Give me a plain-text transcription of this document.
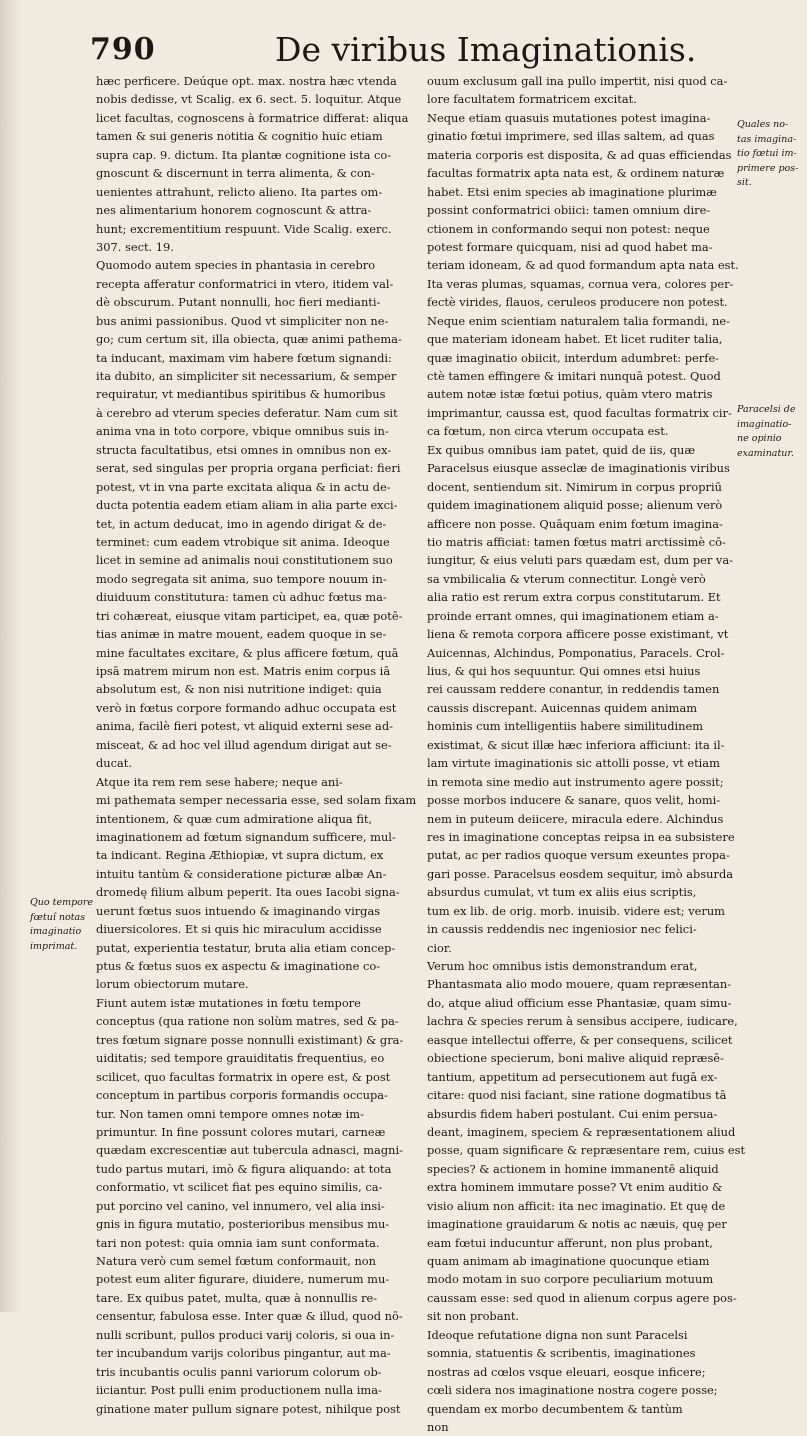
790	De viribus Imaginationis.
hæc perficere. Deúque opt. max. nostra hæc vtenda
nobis dedisse, vt Scalig. ex 6. sect. 5. loquitur. Atque
licet facultas, cognoscens à formatrice differat: aliqua
tamen & sui generis notitia & cognitio huic etiam
supra cap. 9. dictum. Ita plantæ cognitione ista co-
gnoscunt & discernunt in terra alimenta, & con-
uenientes attrahunt, relicto alieno. Ita partes om-
nes alimentarium honorem cognoscunt & attra-
hunt; excrementitium respuunt. Vide Scalig. exerc.
307. sect. 19.
Quomodo autem species in phantasia in cerebro
recepta afferatur conformatrici in vtero, itidem val-
dè obscurum. Putant nonnulli, hoc fieri medianti-
bus animi passionibus. Quod vt simpliciter non ne-
go; cum certum sit, illa obiecta, quæ animi pathema-
ta inducant, maximam vim habere fœtum signandi:
ita dubito, an simpliciter sit necessarium, & semper
requiratur, vt mediantibus spiritibus & humoribus
à cerebro ad vterum species deferatur. Nam cum sit
anima vna in toto corpore, vbique omnibus suis in-
structa facultatibus, etsi omnes in omnibus non ex-
serat, sed singulas per propria organa perficiat: fieri
potest, vt in vna parte excitata aliqua & in actu de-
ducta potentia eadem etiam aliam in alia parte exci-
tet, in actum deducat, imo in agendo dirigat & de-
terminet: cum eadem vtrobique sit anima. Ideoque
licet in semine ad animalis noui constitutionem suo
modo segregata sit anima, suo tempore nouum in-
diuiduum constitutura: tamen cù adhuc fœtus ma-
tri cohæreat, eiusque vitam participet, ea, quæ potē-
tias animæ in matre mouent, eadem quoque in se-
mine facultates excitare, & plus afficere fœtum, quā
ipsā matrem mirum non est. Matris enim corpus iā
absolutum est, & non nisi nutritione indiget: quia
verò in fœtus corpore formando adhuc occupata est
anima, facilè fieri potest, vt aliquid externi sese ad-
misceat, & ad hoc vel illud agendum dirigat aut se-
ducat.
Atque ita rem rem sese habere; neque ani-
mi pathemata semper necessaria esse, sed solam fixam
intentionem, & quæ cum admiratione aliqua fit,
imaginationem ad fœtum signandum sufficere, mul-
ta indicant. Regina Æthiopiæ, vt supra dictum, ex
intuitu tantùm & consideratione picturæ albæ An-
dromedę filium album peperit. Ita oues Iacobi signa-
uerunt fœtus suos intuendo & imaginando virgas
diuersicolores. Et si quis hic miraculum accidisse
putat, experientia testatur, bruta alia etiam concep-
ptus & fœtus suos ex aspectu & imaginatione co-
lorum obiectorum mutare.
Fiunt autem istæ mutationes in fœtu tempore
conceptus (qua ratione non solùm matres, sed & pa-
tres fœtum signare posse nonnulli existimant) & gra-
uiditatis; sed tempore grauiditatis frequentius, eo
scilicet, quo facultas formatrix in opere est, & post
conceptum in partibus corporis formandis occupa-
tur. Non tamen omni tempore omnes notæ im-
primuntur. In fine possunt colores mutari, carneæ
quædam excrescentiæ aut tubercula adnasci, magni-
tudo partus mutari, imò & figura aliquando: at tota
conformatio, vt scilicet fiat pes equino similis, ca-
put porcino vel canino, vel innumero, vel alia insi-
gnis in figura mutatio, posterioribus mensibus mu-
tari non potest: quia omnia iam sunt conformata.
Natura verò cum semel fœtum conformauit, non
potest eum aliter figurare, diuidere, numerum mu-
tare. Ex quibus patet, multa, quæ à nonnullis re-
censentur, fabulosa esse. Inter quæ & illud, quod nō-
nulli scribunt, pullos produci varij coloris, si oua in-
ter incubandum varijs coloribus pingantur, aut ma-
tris incubantis oculis panni variorum colorum ob-
iiciantur. Post pulli enim productionem nulla ima-
ginatione mater pullum signare potest, nihilque post
ouum exclusum gall ina pullo impertit, nisi quod ca-
lore facultatem formatricem excitat.
Neque etiam quasuis mutationes potest imagina-
ginatio fœtui imprimere, sed illas saltem, ad quas
materia corporis est disposita, & ad quas efficiendas
facultas formatrix apta nata est, & ordinem naturæ
habet. Etsi enim species ab imaginatione plurimæ
possint conformatrici obiici: tamen omnium dire-
ctionem in conformando sequi non potest: neque
potest formare quicquam, nisi ad quod habet ma-
teriam idoneam, & ad quod formandum apta nata est.
Ita veras plumas, squamas, cornua vera, colores per-
fectè virides, flauos, ceruleos producere non potest.
Neque enim scientiam naturalem talia formandi, ne-
que materiam idoneam habet. Et licet ruditer talia,
quæ imaginatio obiicit, interdum adumbret: perfe-
ctè tamen effingere & imitari nunquā potest. Quod
autem notæ istæ fœtui potius, quàm vtero matris
imprimantur, caussa est, quod facultas formatrix cir-
ca fœtum, non circa vterum occupata est.
Ex quibus omnibus iam patet, quid de iis, quæ
Paracelsus eiusque asseclæ de imaginationis viribus
docent, sentiendum sit. Nimirum in corpus propriū
quidem imaginationem aliquid posse; alienum verò
afficere non posse. Quāquam enim fœtum imagina-
tio matris afficiat: tamen fœtus matri arctissimè cō-
iungitur, & eius veluti pars quædam est, dum per va-
sa vmbilicalia & vterum connectitur. Longè verò
alia ratio est rerum extra corpus constitutarum. Et
proinde errant omnes, qui imaginationem etiam a-
liena & remota corpora afficere posse existimant, vt
Auicennas, Alchindus, Pomponatius, Paracels. Crol-
lius, & qui hos sequuntur. Qui omnes etsi huius
rei caussam reddere conantur, in reddendis tamen
caussis discrepant. Auicennas quidem animam
hominis cum intelligentiis habere similitudinem
existimat, & sicut illæ hæc inferiora afficiunt: ita il-
lam virtute imaginationis sic attolli posse, vt etiam
in remota sine medio aut instrumento agere possit;
posse morbos inducere & sanare, quos velit, homi-
nem in puteum deiicere, miracula edere. Alchindus
res in imaginatione conceptas reipsa in ea subsistere
putat, ac per radios quoque versum exeuntes propa-
gari posse. Paracelsus eosdem sequitur, imò absurda
absurdus cumulat, vt tum ex aliis eius scriptis,
tum ex lib. de orig. morb. inuisib. videre est; verum
in caussis reddendis nec ingeniosior nec felici-
cior.
Verum hoc omnibus istis demonstrandum erat,
Phantasmata alio modo mouere, quam repræsentan-
do, atque aliud officium esse Phantasiæ, quam simu-
lachra & species rerum à sensibus accipere, iudicare,
easque intellectui offerre, & per consequens, scilicet
obiectione specierum, boni malive aliquid repræsē-
tantium, appetitum ad persecutionem aut fugā ex-
citare: quod nisi faciant, sine ratione dogmatibus tā
absurdis fidem haberi postulant. Cui enim persua-
deant, imaginem, speciem & repræsentationem aliud
posse, quam significare & repræsentare rem, cuius est
species? & actionem in homine immanentē aliquid
extra hominem immutare posse? Vt enim auditio &
visio alium non afficit: ita nec imaginatio. Et quę de
imaginatione grauidarum & notis ac næuis, quę per
eam fœtui inducuntur afferunt, non plus probant,
quam animam ab imaginatione quocunque etiam
modo motam in suo corpore peculiarium motuum
caussam esse: sed quod in alienum corpus agere pos-
sit non probant.
Ideoque refutatione digna non sunt Paracelsi
somnia, statuentis & scribentis, imaginationes
nostras ad cœlos vsque eleuari, eosque inficere;
cœli sidera nos imaginatione nostra cogere posse;
quendam ex morbo decumbentem & tantùm
non
Quales no-
tas imagina-
tio fœtui im-
primere pos-
sit.
Paracelsi de
imaginatio-
ne opinio
examinatur.
Quo tempore
fœtuî notas
imaginatio
imprimat.
